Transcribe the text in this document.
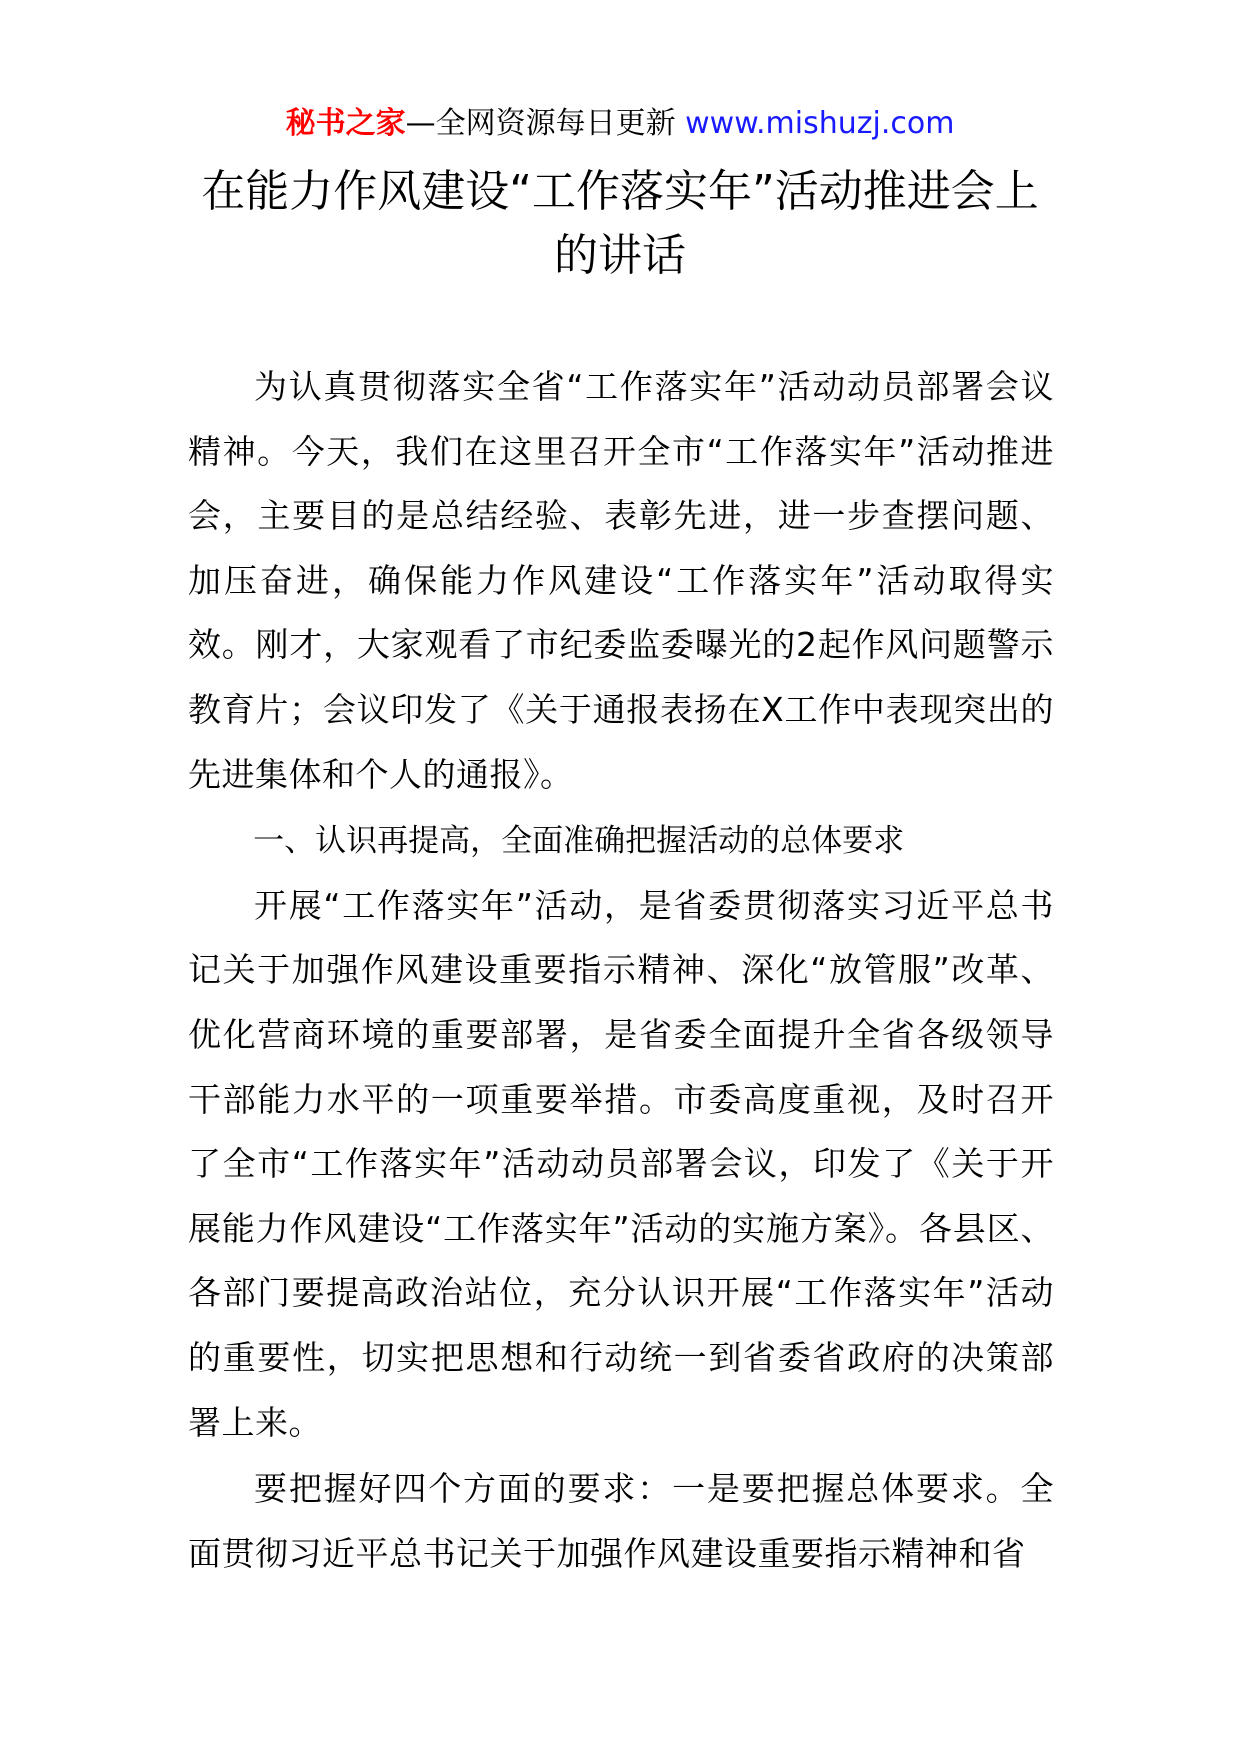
秘书之家—全网资源每日更新 www.mishuzj.com
在能力作风建设“工作落实年”活动推进会上的讲话

为认真贯彻落实全省“工作落实年”活动动员部署会议精神。今天，我们在这里召开全市“工作落实年”活动推进会，主要目的是总结经验、表彰先进，进一步查摆问题、加压奋进，确保能力作风建设“工作落实年”活动取得实效。刚才，大家观看了市纪委监委曝光的2起作风问题警示教育片；会议印发了《关于通报表扬在X工作中表现突出的先进集体和个人的通报》。

一、认识再提高，全面准确把握活动的总体要求

开展“工作落实年”活动，是省委贯彻落实习近平总书记关于加强作风建设重要指示精神、深化“放管服”改革、优化营商环境的重要部署，是省委全面提升全省各级领导干部能力水平的一项重要举措。市委高度重视，及时召开了全市“工作落实年”活动动员部署会议，印发了《关于开展能力作风建设“工作落实年”活动的实施方案》。各县区、各部门要提高政治站位，充分认识开展“工作落实年”活动的重要性，切实把思想和行动统一到省委省政府的决策部署上来。

要把握好四个方面的要求：一是要把握总体要求。全面贯彻习近平总书记关于加强作风建设重要指示精神和省
